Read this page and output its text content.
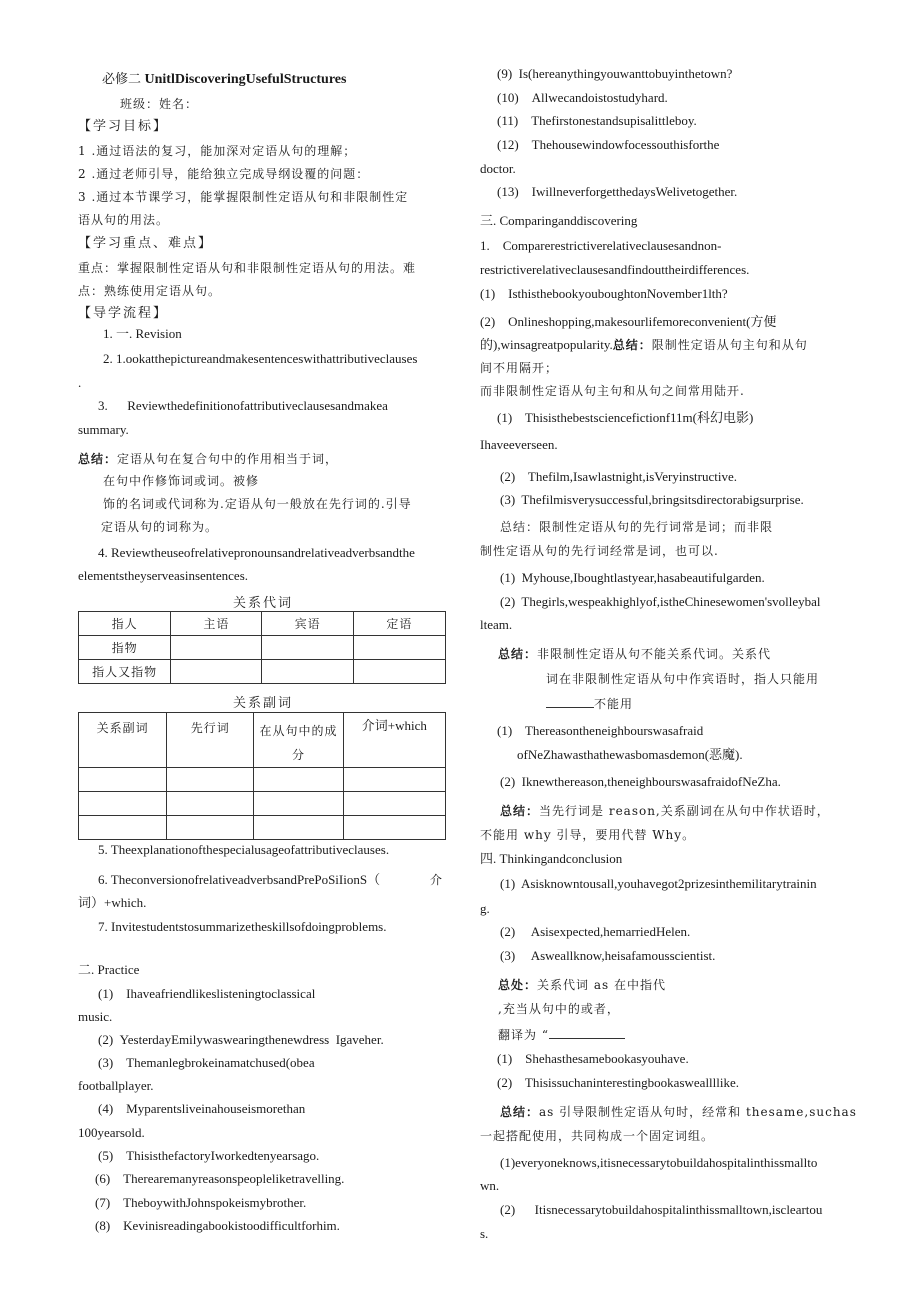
必修二 UnitlDiscoveringUsefulStructures
班级：姓名：
【学习目标】
1 .通过语法的复习，能加深对定语从句的理解；
2 .通过老师引导，能给独立完成导纲设覆的问题：
3 .通过本节课学习，能掌握限制性定语从句和非限制性定
语从句的用法。
【学习重点、难点】
重点：掌握限制性定语从句和非限制性定语从句的用法。难
点：熟练使用定语从句。
【导学流程】
1. 一. Revision
2. 1.ookatthepictureandmakesentenceswithattributiveclauses
.
3.      Reviewthedefinitionofattributiveclausesandmakea
summary.
总结：定语从句在复合句中的作用相当于词，
在句中作修饰词或词。被修
饰的名词或代词称为.定语从句一般放在先行词的.引导
定语从句的词称为。
4. Reviewtheuseofrelativepronounsandrelativeadverbsandthe
elementstheyserveasinsentences.
关系代词
指人	主语	宾语	定语
指物			
指人又指物			
关系副词
关系副词	先行词	在从句中的成分	介词+which

5. Theexplanationofthespecialusageofattributiveclauses.
6. TheconversionofrelativeadverbsandPrePoSiIionS（	介
词）+which.
7. Invitestudentstosummarizetheskillsofdoingproblems.
二. Practice
(1) Ihaveafriendlikeslisteningtoclassical
music.
(2) YesterdayEmilywaswearingthenewdress  Igaveher.
(3) Themanlegbrokeinamatchused(obea
footballplayer.
(4) Myparentsliveinahouseismorethan
100yearsold.
(5) ThisisthefactoryIworkedtenyearsago.
(6) Therearemanyreasonspeopleliketravelling.
(7) TheboywithJohnspokeismybrother.
(8) Kevinisreadingabookistoodifficultforhim.
(9) Is(hereanythingyouwanttobuyinthetown?
(10) Allwecandoistostudyhard.
(11) Thefirstonestandsupisalittleboy.
(12) Thehousewindowfocessouthisforthe
doctor.
(13) IwillneverforgetthedaysWelivetogether.
三. Comparinganddiscovering
1.    Comparerestrictiverelativeclausesandnon-
restrictiverelativeclausesandfindouttheirdifferences.
(1)    IsthisthebookyouboughtonNovember1lth?
(2)    Onlineshopping,makesourlifemoreconvenient(方便
的),winsagreatpopularity.总结：限制性定语从句主句和从句
间不用隔开；
而非限制性定语从句主句和从句之间常用陆开.
(1)    Thisisthebestsciencefictionf11m(科幻电影)
Ihaveeverseen.
(2)    Thefilm,Isawlastnight,isVeryinstructive.
(3)  Thefilmisverysuccessful,bringsitsdirectorabigsurprise.
总结：限制性定语从句的先行词常是词；而非限
制性定语从句的先行词经常是词，也可以.
(1)  Myhouse,Iboughtlastyear,hasabeautifulgarden.
(2)  Thegirls,wespeakhighlyof,istheChinesewomen'svolleybal
lteam.
总结：非限制性定语从句不能关系代词。关系代
词在非限制性定语从句中作宾语时，指人只能用
不能用
(1)    Thereasontheneighbourswasafraid
ofNeZhawasthathewasbomasdemon(恶魔).
(2)  Iknewthereason,theneighbourswasafraidofNeZha.
总结：当先行词是 reason,关系副词在从句中作状语时，
不能用 why 引导，要用代替 Why。
四. Thinkingandconclusion
(1)  Asisknowntousall,youhavegot2prizesinthemilitarytrainin
g.
(2)     Asisexpected,hemarriedHelen.
(3)     Asweallknow,heisafamousscientist.
总处：关系代词 as 在中指代
,充当从句中的或者，
翻译为 “
(1)    Shehasthesamebookasyouhave.
(2)    Thisissuchaninterestingbookasweallllike.
总结：as 引导限制性定语从句时，经常和 thesame,suchas
一起搭配使用，共同构成一个固定词组。
(1)everyoneknows,itisnecessarytobuildahospitalinthissmallto
wn.
(2)      Itisnecessarytobuildahospitalinthissmalltown,iscleartou
s.
